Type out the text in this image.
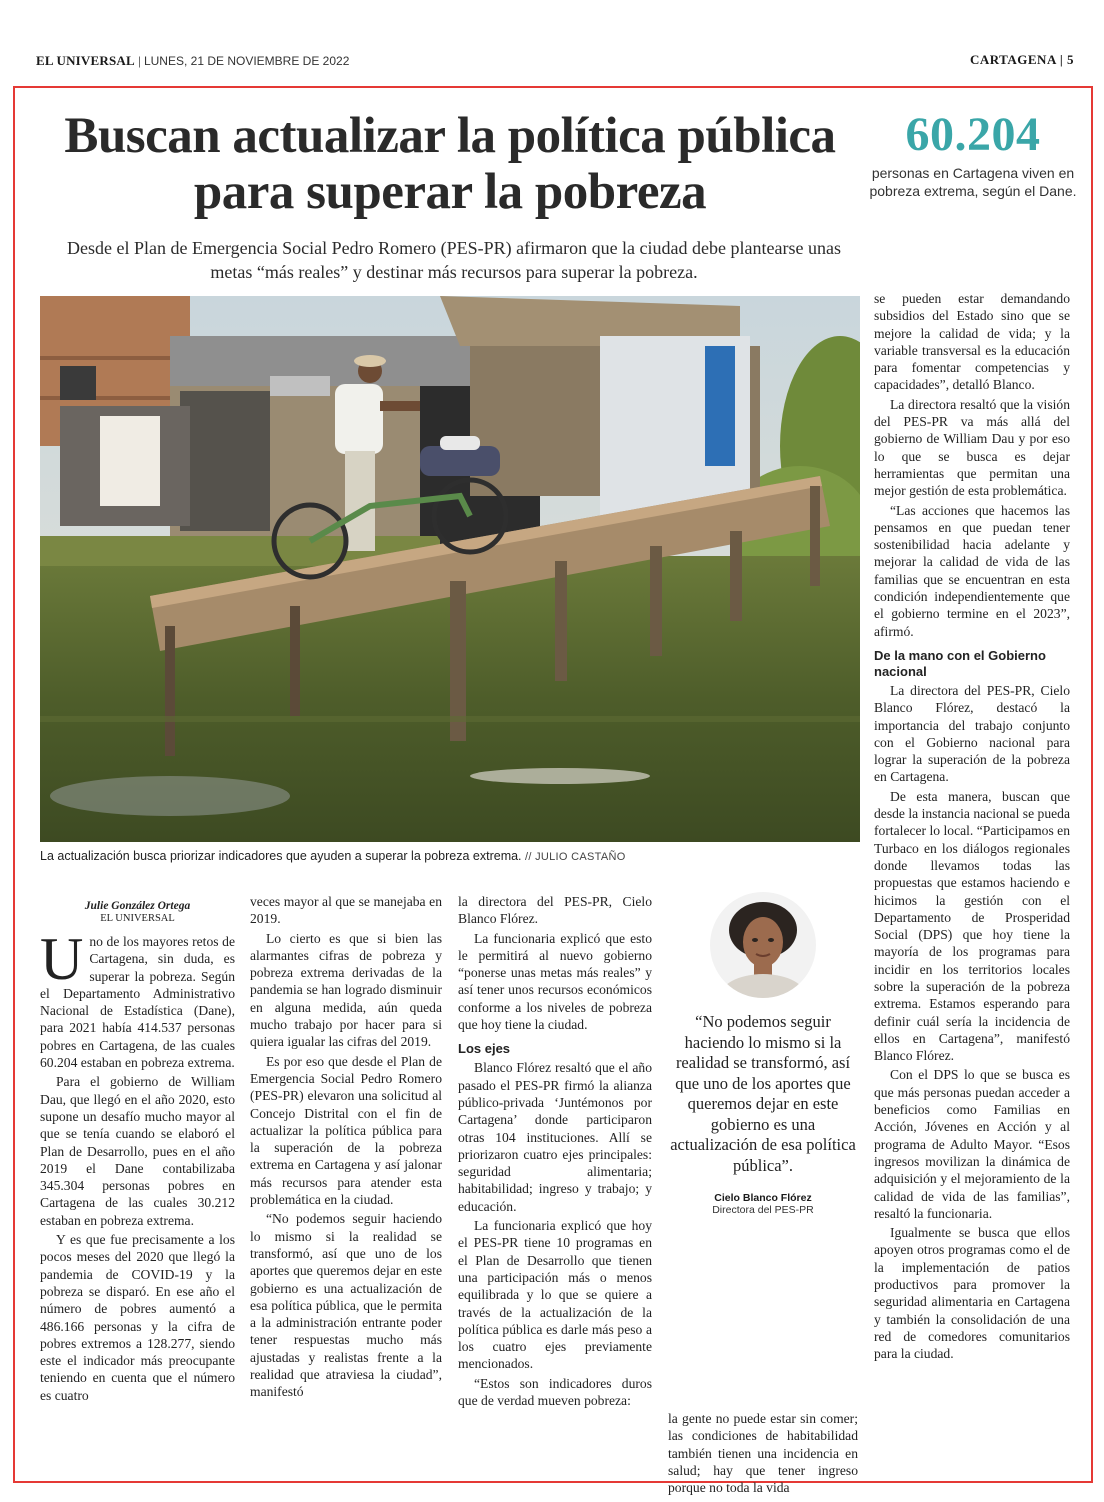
EL UNIVERSAL | LUNES, 21 DE NOVIEMBRE DE 2022	CARTAGENA | 5
Buscan actualizar la política pública para superar la pobreza

Desde el Plan de Emergencia Social Pedro Romero (PES-PR) afirmaron que la ciudad debe plantearse unas metas “más reales” y destinar más recursos para superar la pobreza.

60.204
personas en Cartagena viven en pobreza extrema, según el Dane.
La actualización busca priorizar indicadores que ayuden a superar la pobreza extrema. // JULIO CASTAÑO
Julie González Ortega
EL UNIVERSAL

Uno de los mayores retos de Cartagena, sin duda, es superar la pobreza. Según el Departamento Administrativo Nacional de Estadística (Dane), para 2021 había 414.537 personas pobres en Cartagena, de las cuales 60.204 estaban en pobreza extrema.

Para el gobierno de William Dau, que llegó en el año 2020, esto supone un desafío mucho mayor al que se tenía cuando se elaboró el Plan de Desarrollo, pues en el año 2019 el Dane contabilizaba 345.304 personas pobres en Cartagena de las cuales 30.212 estaban en pobreza extrema.

Y es que fue precisamente a los pocos meses del 2020 que llegó la pandemia de COVID-19 y la pobreza se disparó. En ese año el número de pobres aumentó a 486.166 personas y la cifra de pobres extremos a 128.277, siendo este el indicador más preocupante teniendo en cuenta que el número es cuatro

veces mayor al que se manejaba en 2019.

Lo cierto es que si bien las alarmantes cifras de pobreza y pobreza extrema derivadas de la pandemia se han logrado disminuir en alguna medida, aún queda mucho trabajo por hacer para si quiera igualar las cifras del 2019.

Es por eso que desde el Plan de Emergencia Social Pedro Romero (PES-PR) elevaron una solicitud al Concejo Distrital con el fin de actualizar la política pública para la superación de la pobreza extrema en Cartagena y así jalonar más recursos para atender esta problemática en la ciudad.

“No podemos seguir haciendo lo mismo si la realidad se transformó, así que uno de los aportes que queremos dejar en este gobierno es una actualización de esa política pública, que le permita a la administración entrante poder tener respuestas mucho más ajustadas y realistas frente a la realidad que atraviesa la ciudad”, manifestó

la directora del PES-PR, Cielo Blanco Flórez.

La funcionaria explicó que esto le permitirá al nuevo gobierno “ponerse unas metas más reales” y así tener unos recursos económicos conforme a los niveles de pobreza que hoy tiene la ciudad.

Los ejes

Blanco Flórez resaltó que el año pasado el PES-PR firmó la alianza público-privada ‘Juntémonos por Cartagena’ donde participaron otras 104 instituciones. Allí se priorizaron cuatro ejes principales: seguridad alimentaria; habitabilidad; ingreso y trabajo; y educación.

La funcionaria explicó que hoy el PES-PR tiene 10 programas en el Plan de Desarrollo que tienen una participación más o menos equilibrada y lo que se quiere a través de la actualización de la política pública es darle más peso a los cuatro ejes previamente mencionados.

“Estos son indicadores duros que de verdad mueven pobreza:

“No podemos seguir haciendo lo mismo si la realidad se transformó, así que uno de los aportes que queremos dejar en este gobierno es una actualización de esa política pública”.

Cielo Blanco Flórez

Directora del PES-PR

la gente no puede estar sin comer; las condiciones de habitabilidad también tienen una incidencia en salud; hay que tener ingreso porque no toda la vida

se pueden estar demandando subsidios del Estado sino que se mejore la calidad de vida; y la variable transversal es la educación para fomentar competencias y capacidades”, detalló Blanco.

La directora resaltó que la visión del PES-PR va más allá del gobierno de William Dau y por eso lo que se busca es dejar herramientas que permitan una mejor gestión de esta problemática.

“Las acciones que hacemos las pensamos en que puedan tener sostenibilidad hacia adelante y mejorar la calidad de vida de las familias que se encuentran en esta condición independientemente que el gobierno termine en el 2023”, afirmó.

De la mano con el Gobierno nacional

La directora del PES-PR, Cielo Blanco Flórez, destacó la importancia del trabajo conjunto con el Gobierno nacional para lograr la superación de la pobreza en Cartagena.

De esta manera, buscan que desde la instancia nacional se pueda fortalecer lo local. “Participamos en Turbaco en los diálogos regionales donde llevamos todas las propuestas que estamos haciendo e hicimos la gestión con el Departamento de Prosperidad Social (DPS) que hoy tiene la mayoría de los programas para incidir en los territorios locales sobre la superación de la pobreza extrema. Estamos esperando para definir cuál sería la incidencia de ellos en Cartagena”, manifestó Blanco Flórez.

Con el DPS lo que se busca es que más personas puedan acceder a beneficios como Familias en Acción, Jóvenes en Acción y al programa de Adulto Mayor. “Esos ingresos movilizan la dinámica de adquisición y el mejoramiento de la calidad de vida de las familias”, resaltó la funcionaria.

Igualmente se busca que ellos apoyen otros programas como el de la implementación de patios productivos para promover la seguridad alimentaria en Cartagena y también la consolidación de una red de comedores comunitarios para la ciudad.
